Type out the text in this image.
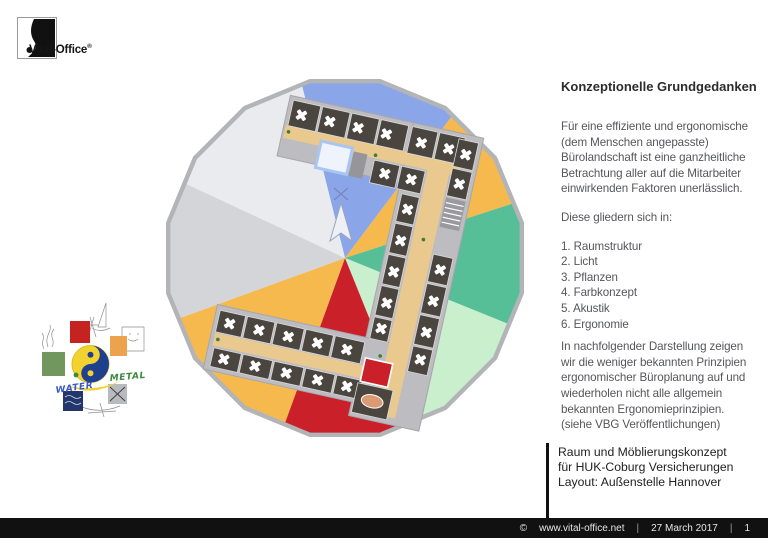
Vital-Office®
WATER
METAL
Konzeptionelle Grundgedanken
Für eine effiziente und ergonomische
(dem Menschen angepasste)
Bürolandschaft ist eine ganzheitliche
Betrachtung aller auf die Mitarbeiter
einwirkenden Faktoren unerlässlich.
Diese gliedern sich in:
1. Raumstruktur
2. Licht
3. Pflanzen
4. Farbkonzept
5. Akustik
6. Ergonomie
In nachfolgender Darstellung zeigen
wir die weniger bekannten Prinzipien
ergonomischer Büroplanung auf und
wiederholen nicht alle allgemein
bekannten Ergonomieprinzipien.
(siehe VBG Veröffentlichungen)
Raum und Möblierungskonzept
für HUK-Coburg Versicherungen
Layout: Außenstelle Hannover
© www.vital-office.net | 27 March 2017 | 1
